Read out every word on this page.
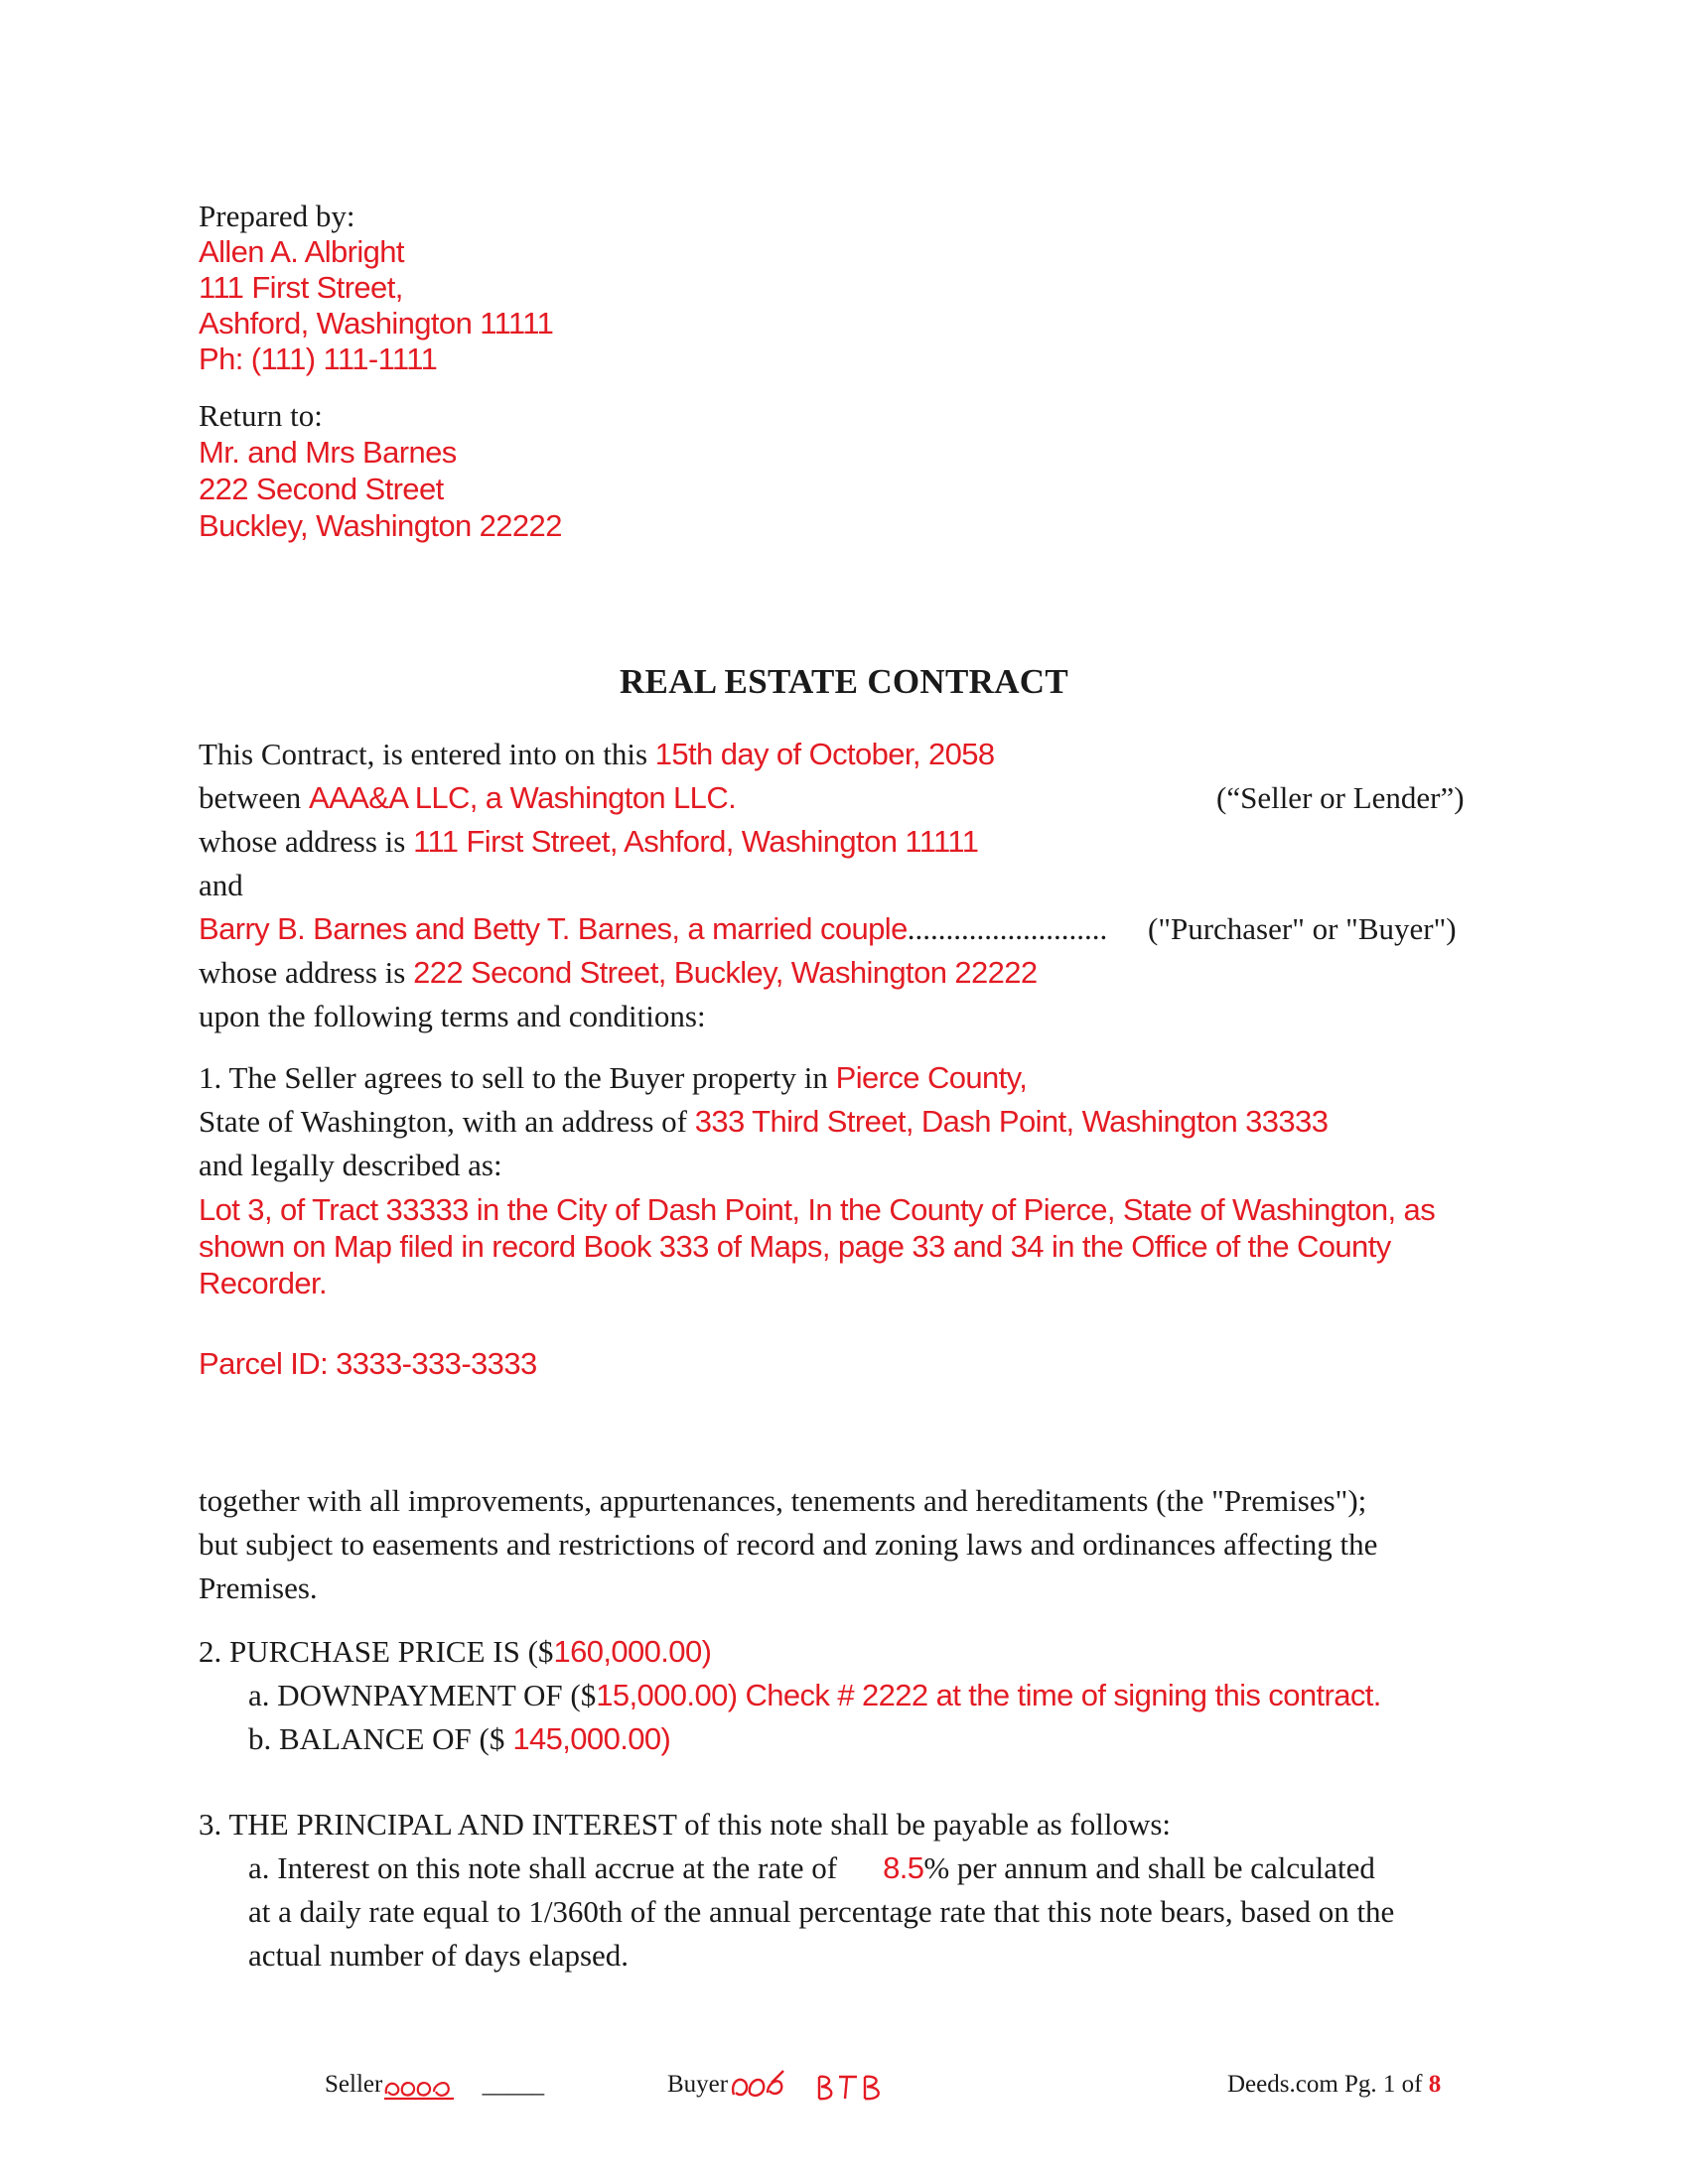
Prepared by:
Allen A. Albright
111 First Street,
Ashford, Washington 11111
Ph: (111) 111-1111
Return to:
Mr. and Mrs Barnes
222 Second Street
Buckley, Washington 22222
REAL ESTATE CONTRACT
This Contract, is entered into on this 15th day of October, 2058
between AAA&A LLC, a Washington LLC.	(“Seller or Lender”)
whose address is 111 First Street, Ashford, Washington 11111
and
Barry B. Barnes and Betty T. Barnes, a married couple.......................... ("Purchaser" or "Buyer")
whose address is 222 Second Street, Buckley, Washington 22222
upon the following terms and conditions:
1. The Seller agrees to sell to the Buyer property in Pierce County,
State of Washington, with an address of 333 Third Street, Dash Point, Washington 33333
and legally described as:
Lot 3, of Tract 33333 in the City of Dash Point, In the County of Pierce, State of Washington, as shown on Map filed in record Book 333 of Maps, page 33 and 34 in the Office of the County Recorder.
Parcel ID: 3333-333-3333
together with all improvements, appurtenances, tenements and hereditaments (the "Premises");
but subject to easements and restrictions of record and zoning laws and ordinances affecting the
Premises.
2. PURCHASE PRICE IS ($160,000.00)
a. DOWNPAYMENT OF ($15,000.00) Check # 2222 at the time of signing this contract.
b. BALANCE OF ($ 145,000.00)
3. THE PRINCIPAL AND INTEREST of this note shall be payable as follows:
a. Interest on this note shall accrue at the rate of 8.5% per annum and shall be calculated
at a daily rate equal to 1/360th of the annual percentage rate that this note bears, based on the
actual number of days elapsed.
Seller	_____	Buyer	Deeds.com Pg. 1 of 8
